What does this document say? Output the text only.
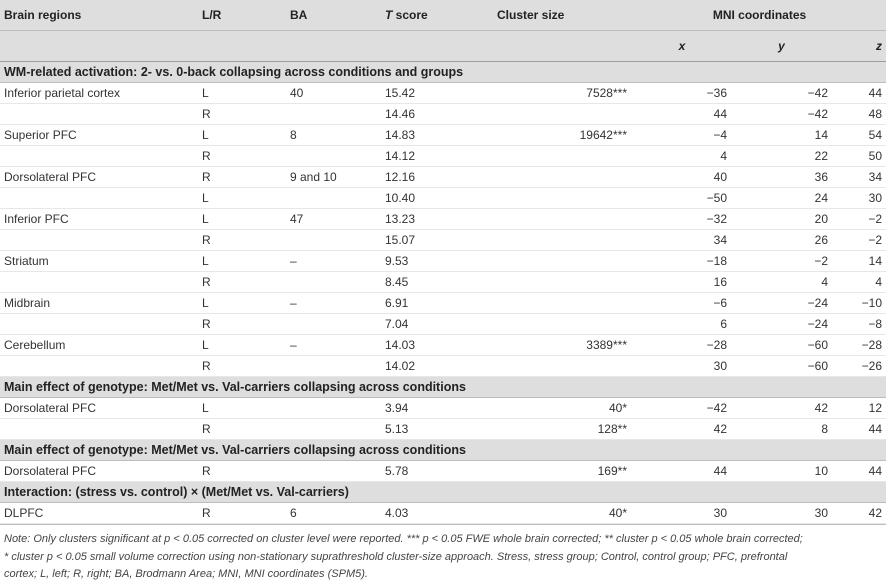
Brain regions	L/R	BA	T score	Cluster size	MNI coordinates		
					x	y	z
WM-related activation: 2- vs. 0-back collapsing across conditions and groups							
Inferior parietal cortex	L	40	15.42	7528***	−36	−42	44
	R		14.46		44	−42	48
Superior PFC	L	8	14.83	19642***	−4	14	54
	R		14.12		4	22	50
Dorsolateral PFC	R	9 and 10	12.16		40	36	34
	L		10.40		−50	24	30
Inferior PFC	L	47	13.23		−32	20	−2
	R		15.07		34	26	−2
Striatum	L	–	9.53		−18	−2	14
	R		8.45		16	4	4
Midbrain	L	–	6.91		−6	−24	−10
	R		7.04		6	−24	−8
Cerebellum	L	–	14.03	3389***	−28	−60	−28
	R		14.02		30	−60	−26
Main effect of genotype: Met/Met vs. Val-carriers collapsing across conditions							
Dorsolateral PFC	L		3.94	40*	−42	42	12
	R		5.13	128**	42	8	44
Main effect of genotype: Met/Met vs. Val-carriers collapsing across conditions							
Dorsolateral PFC	R		5.78	169**	44	10	44
Interaction: (stress vs. control) × (Met/Met vs. Val-carriers)							
DLPFC	R	6	4.03	40*	30	30	42
Note: Only clusters significant at p < 0.05 corrected on cluster level were reported. *** p < 0.05 FWE whole brain corrected; ** cluster p < 0.05 whole brain corrected;
* cluster p < 0.05 small volume correction using non-stationary suprathreshold cluster-size approach. Stress, stress group; Control, control group; PFC, prefrontal
cortex; L, left; R, right; BA, Brodmann Area; MNI, MNI coordinates (SPM5).
